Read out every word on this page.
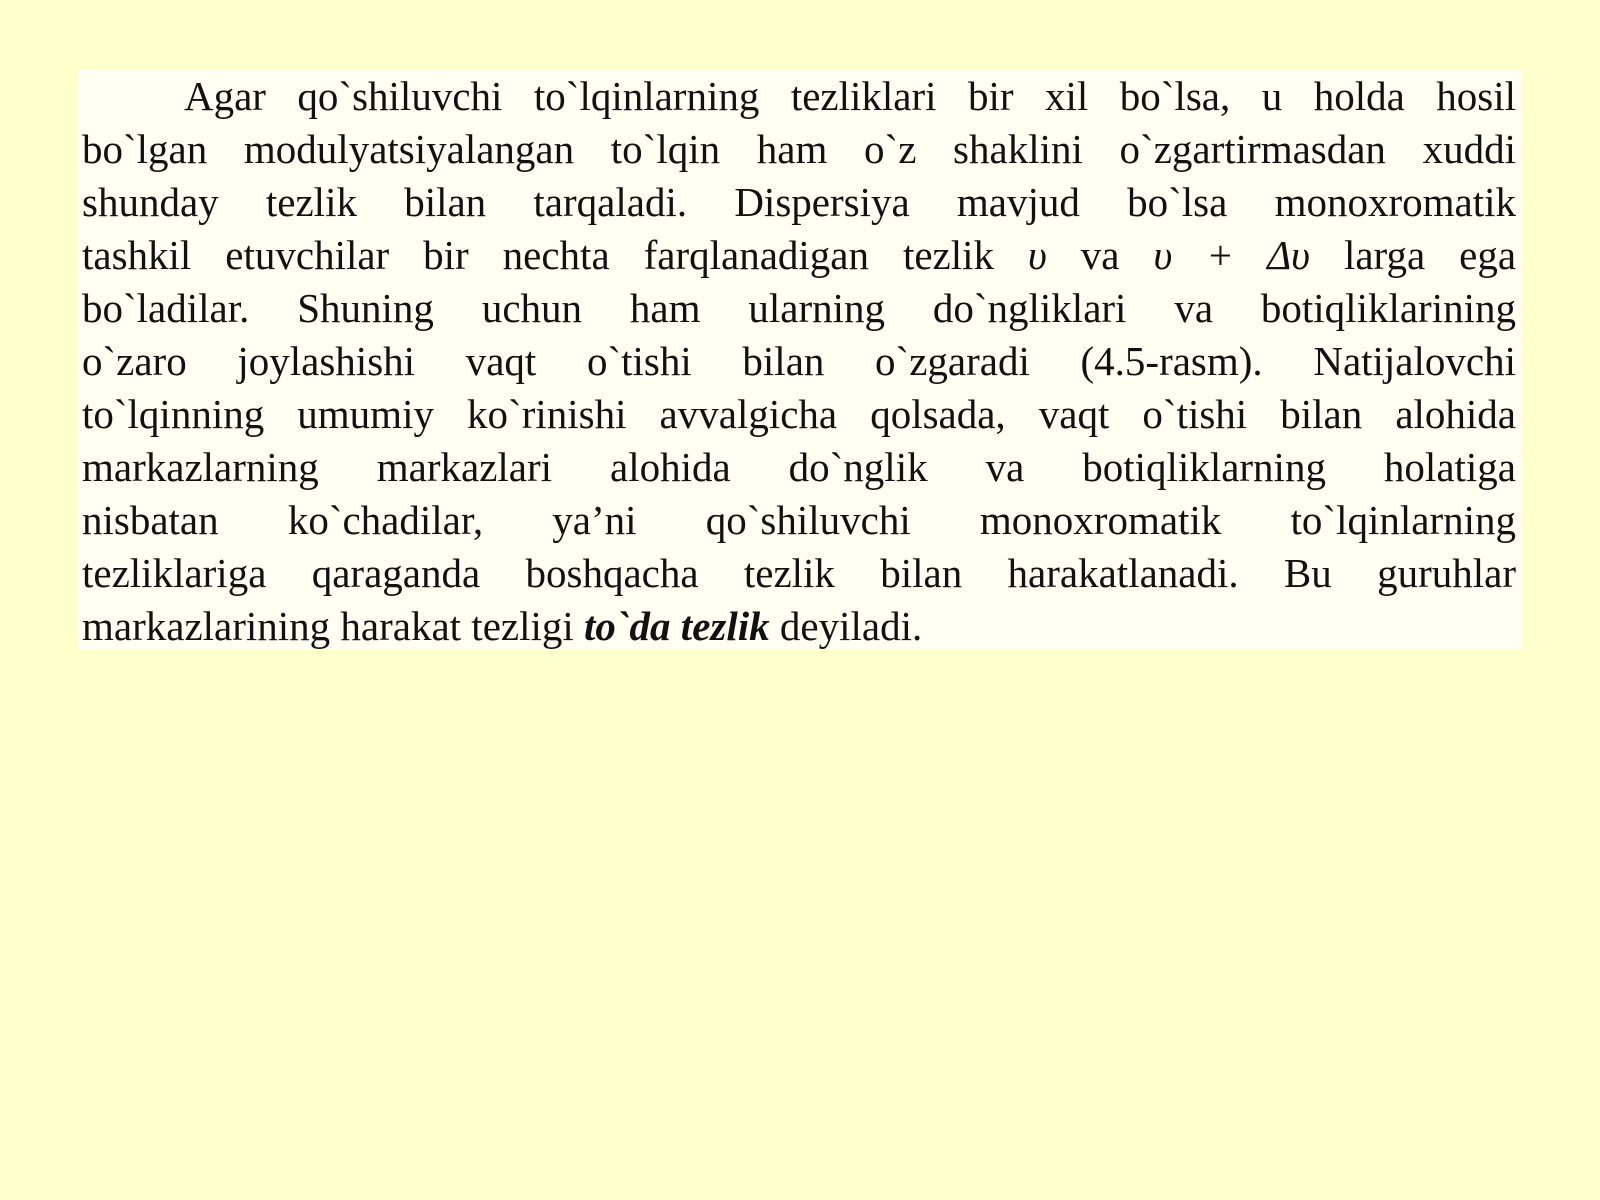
Agar qo`shiluvchi to`lqinlarning tezliklari bir xil bo`lsa, u holda hosil
bo`lgan modulyatsiyalangan to`lqin ham o`z shaklini o`zgartirmasdan xuddi
shunday tezlik bilan tarqaladi. Dispersiya mavjud bo`lsa monoxromatik
tashkil etuvchilar bir nechta farqlanadigan tezlik υ va υ + Δυ larga ega
bo`ladilar. Shuning uchun ham ularning do`ngliklari va botiqliklarining
o`zaro joylashishi vaqt o`tishi bilan o`zgaradi (4.5-rasm). Natijalovchi
to`lqinning umumiy ko`rinishi avvalgicha qolsada, vaqt o`tishi bilan alohida
markazlarning markazlari alohida do`nglik va botiqliklarning holatiga
nisbatan ko`chadilar, ya’ni qo`shiluvchi monoxromatik to`lqinlarning
tezliklariga qaraganda boshqacha tezlik bilan harakatlanadi. Bu guruhlar
markazlarining harakat tezligi to`da tezlik deyiladi.
